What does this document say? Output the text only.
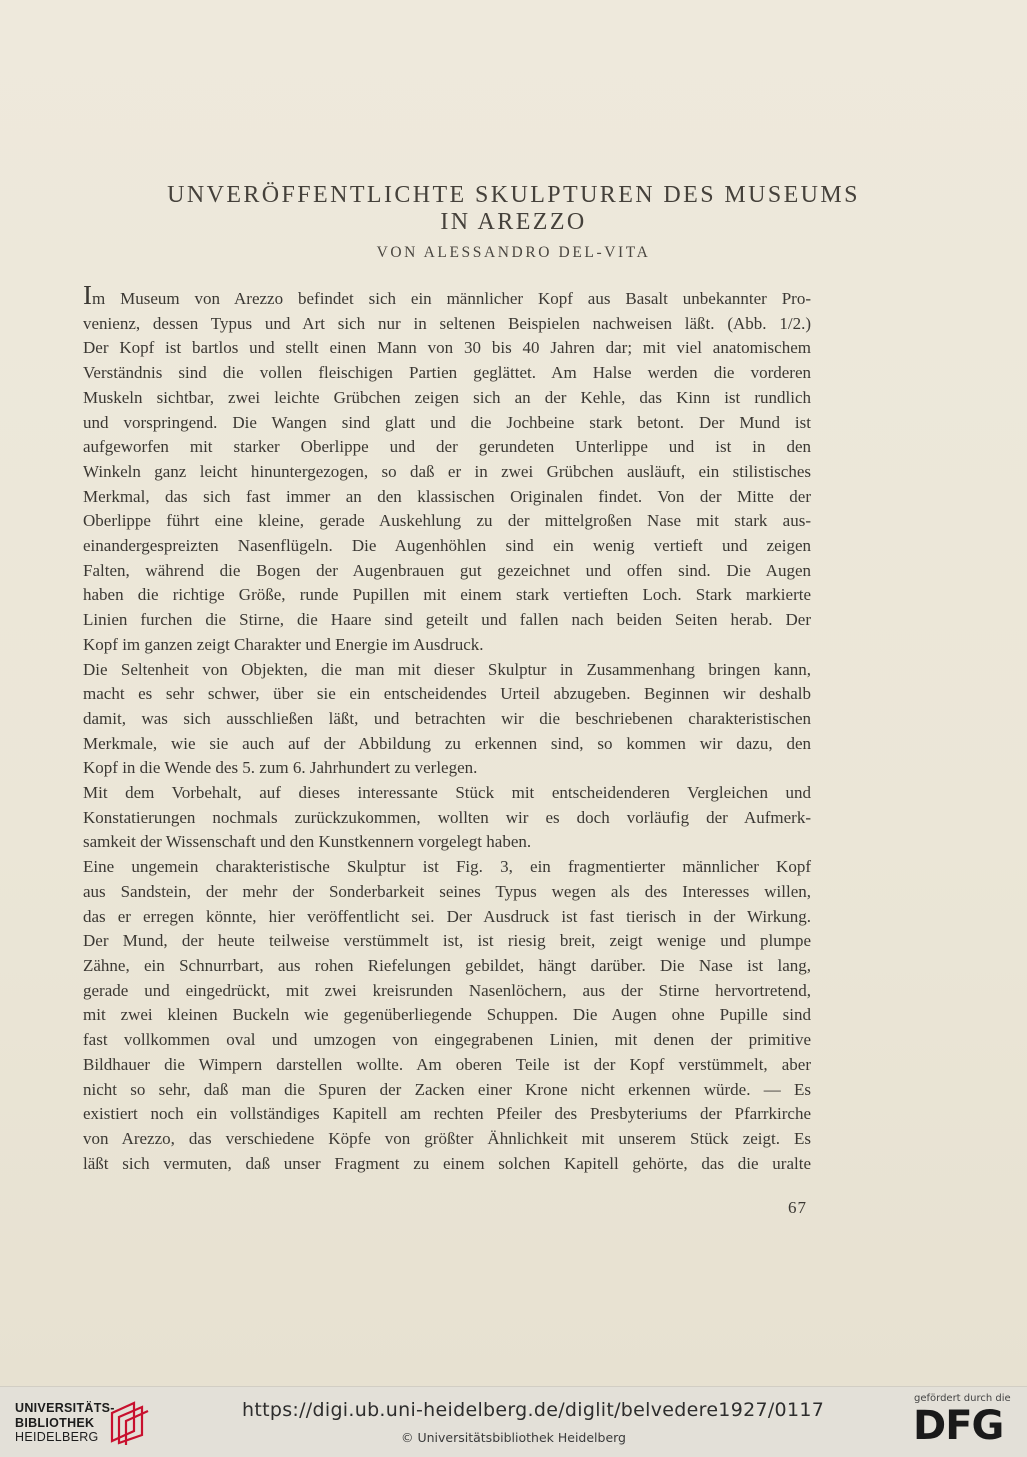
UNVERÖFFENTLICHTE SKULPTUREN DES MUSEUMS
IN AREZZO
VON ALESSANDRO DEL-VITA
Im Museum von Arezzo befindet sich ein männlicher Kopf aus Basalt unbekannter Pro-
venienz, dessen Typus und Art sich nur in seltenen Beispielen nachweisen läßt. (Abb. 1/2.)
Der Kopf ist bartlos und stellt einen Mann von 30 bis 40 Jahren dar; mit viel anatomischem
Verständnis sind die vollen fleischigen Partien geglättet. Am Halse werden die vorderen
Muskeln sichtbar, zwei leichte Grübchen zeigen sich an der Kehle, das Kinn ist rundlich
und vorspringend. Die Wangen sind glatt und die Jochbeine stark betont. Der Mund ist
aufgeworfen mit starker Oberlippe und der gerundeten Unterlippe und ist in den
Winkeln ganz leicht hinuntergezogen, so daß er in zwei Grübchen ausläuft, ein stilistisches
Merkmal, das sich fast immer an den klassischen Originalen findet. Von der Mitte der
Oberlippe führt eine kleine, gerade Auskehlung zu der mittelgroßen Nase mit stark aus-
einandergespreizten Nasenflügeln. Die Augenhöhlen sind ein wenig vertieft und zeigen
Falten, während die Bogen der Augenbrauen gut gezeichnet und offen sind. Die Augen
haben die richtige Größe, runde Pupillen mit einem stark vertieften Loch. Stark markierte
Linien furchen die Stirne, die Haare sind geteilt und fallen nach beiden Seiten herab. Der
Kopf im ganzen zeigt Charakter und Energie im Ausdruck.
Die Seltenheit von Objekten, die man mit dieser Skulptur in Zusammenhang bringen kann,
macht es sehr schwer, über sie ein entscheidendes Urteil abzugeben. Beginnen wir deshalb
damit, was sich ausschließen läßt, und betrachten wir die beschriebenen charakteristischen
Merkmale, wie sie auch auf der Abbildung zu erkennen sind, so kommen wir dazu, den
Kopf in die Wende des 5. zum 6. Jahrhundert zu verlegen.
Mit dem Vorbehalt, auf dieses interessante Stück mit entscheidenderen Vergleichen und
Konstatierungen nochmals zurückzukommen, wollten wir es doch vorläufig der Aufmerk-
samkeit der Wissenschaft und den Kunstkennern vorgelegt haben.
Eine ungemein charakteristische Skulptur ist Fig. 3, ein fragmentierter männlicher Kopf
aus Sandstein, der mehr der Sonderbarkeit seines Typus wegen als des Interesses willen,
das er erregen könnte, hier veröffentlicht sei. Der Ausdruck ist fast tierisch in der Wirkung.
Der Mund, der heute teilweise verstümmelt ist, ist riesig breit, zeigt wenige und plumpe
Zähne, ein Schnurrbart, aus rohen Riefelungen gebildet, hängt darüber. Die Nase ist lang,
gerade und eingedrückt, mit zwei kreisrunden Nasenlöchern, aus der Stirne hervortretend,
mit zwei kleinen Buckeln wie gegenüberliegende Schuppen. Die Augen ohne Pupille sind
fast vollkommen oval und umzogen von eingegrabenen Linien, mit denen der primitive
Bildhauer die Wimpern darstellen wollte. Am oberen Teile ist der Kopf verstümmelt, aber
nicht so sehr, daß man die Spuren der Zacken einer Krone nicht erkennen würde. — Es
existiert noch ein vollständiges Kapitell am rechten Pfeiler des Presbyteriums der Pfarrkirche
von Arezzo, das verschiedene Köpfe von größter Ähnlichkeit mit unserem Stück zeigt. Es
läßt sich vermuten, daß unser Fragment zu einem solchen Kapitell gehörte, das die uralte
67
UNIVERSITÄTS-
BIBLIOTHEK
HEIDELBERG
https://digi.ub.uni-heidelberg.de/diglit/belvedere1927/0117
© Universitätsbibliothek Heidelberg
gefördert durch die
DFG
